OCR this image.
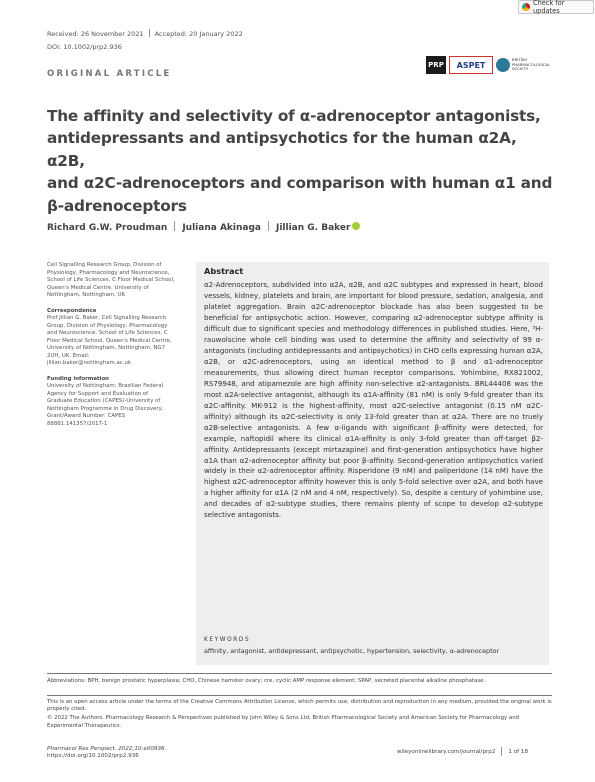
Check for updates
Received: 26 November 2021 Accepted: 20 January 2022
DOI: 10.1002/prp2.936
ORIGINAL ARTICLE
PRP	ASPET
BRITISH PHARMACOLOGICAL SOCIETY
The affinity and selectivity of α-adrenoceptor antagonists,
antidepressants and antipsychotics for the human α2A, α2B,
and α2C-adrenoceptors and comparison with human α1 and
β-adrenoceptors
Richard G.W. Proudman Juliana Akinaga Jillian G. Baker
Cell Signalling Research Group, Division of Physiology, Pharmacology and Neuroscience, School of Life Sciences, C Floor Medical School, Queen's Medical Centre, University of Nottingham, Nottingham, UK
Correspondence
Prof Jillian G. Baker, Cell Signalling Research Group, Division of Physiology, Pharmacology and Neuroscience, School of Life Sciences, C Floor Medical School, Queen's Medical Centre, University of Nottingham, Nottingham, NG7 2UH, UK. Email: jillian.baker@nottingham.ac.uk
Funding information
University of Nottingham; Brazilian Federal Agency for Support and Evaluation of Graduate Education (CAPES)-University of Nottingham Programme in Drug Discovery, Grant/Award Number: CAPES 88881.141357/2017-1
Abstract
α2-Adrenoceptors, subdivided into α2A, α2B, and α2C subtypes and expressed in heart, blood vessels, kidney, platelets and brain, are important for blood pressure, sedation, analgesia, and platelet aggregation. Brain α2C-adrenoceptor blockade has also been suggested to be beneficial for antipsychotic action. However, comparing α2-adrenoceptor subtype affinity is difficult due to significant species and methodology differences in published studies. Here, ³H-rauwolscine whole cell binding was used to determine the affinity and selectivity of 99 α-antagonists (including antidepressants and antipsychotics) in CHO cells expressing human α2A, α2B, or α2C-adrenoceptors, using an identical method to β and α1-adrenoceptor measurements, thus allowing direct human receptor comparisons. Yohimbine, RX821002, RS79948, and atipamezole are high affinity non-selective α2-antagonists. BRL44408 was the most α2A-selective antagonist, although its α1A-affinity (81 nM) is only 9-fold greater than its α2C-affinity. MK-912 is the highest-affinity, most α2C-selective antagonist (0.15 nM α2C-affinity) although its α2C-selectivity is only 13-fold greater than at α2A. There are no truely α2B-selective antagonists. A few α-ligands with significant β-affinity were detected, for example, naftopidil where its clinical α1A-affinity is only 3-fold greater than off-target β2-affinity. Antidepressants (except mirtazapine) and first-generation antipsychotics have higher α1A than α2-adrenoceptor affinity but poor β-affinity. Second-generation antipsychotics varied widely in their α2-adrenoceptor affinity. Risperidone (9 nM) and paliperidone (14 nM) have the highest α2C-adrenoceptor affinity however this is only 5-fold selective over α2A, and both have a higher affinity for α1A (2 nM and 4 nM, respectively). So, despite a century of yohimbine use, and decades of α2-subtype studies, there remains plenty of scope to develop α2-subtype selective antagonists.
KEYWORDS
affinity, antagonist, antidepressant, antipsychotic, hypertension, selectivity, α-adrenoceptor
Abbreviations: BPH, benign prostatic hyperplasia; CHO, Chinese hamster ovary; cre, cyclic AMP response element; SPAP, secreted placental alkaline phosphatase.

This is an open access article under the terms of the Creative Commons Attribution License, which permits use, distribution and reproduction in any medium, provided the original work is properly cited.

© 2022 The Authors. Pharmacology Research & Perspectives published by John Wiley & Sons Ltd, British Pharmacological Society and American Society for Pharmacology and Experimental Therapeutics.

Pharmacol Res Perspect. 2022;10:e00936.
https://doi.org/10.1002/prp2.936
wileyonlinelibrary.com/journal/prp2 1 of 18
